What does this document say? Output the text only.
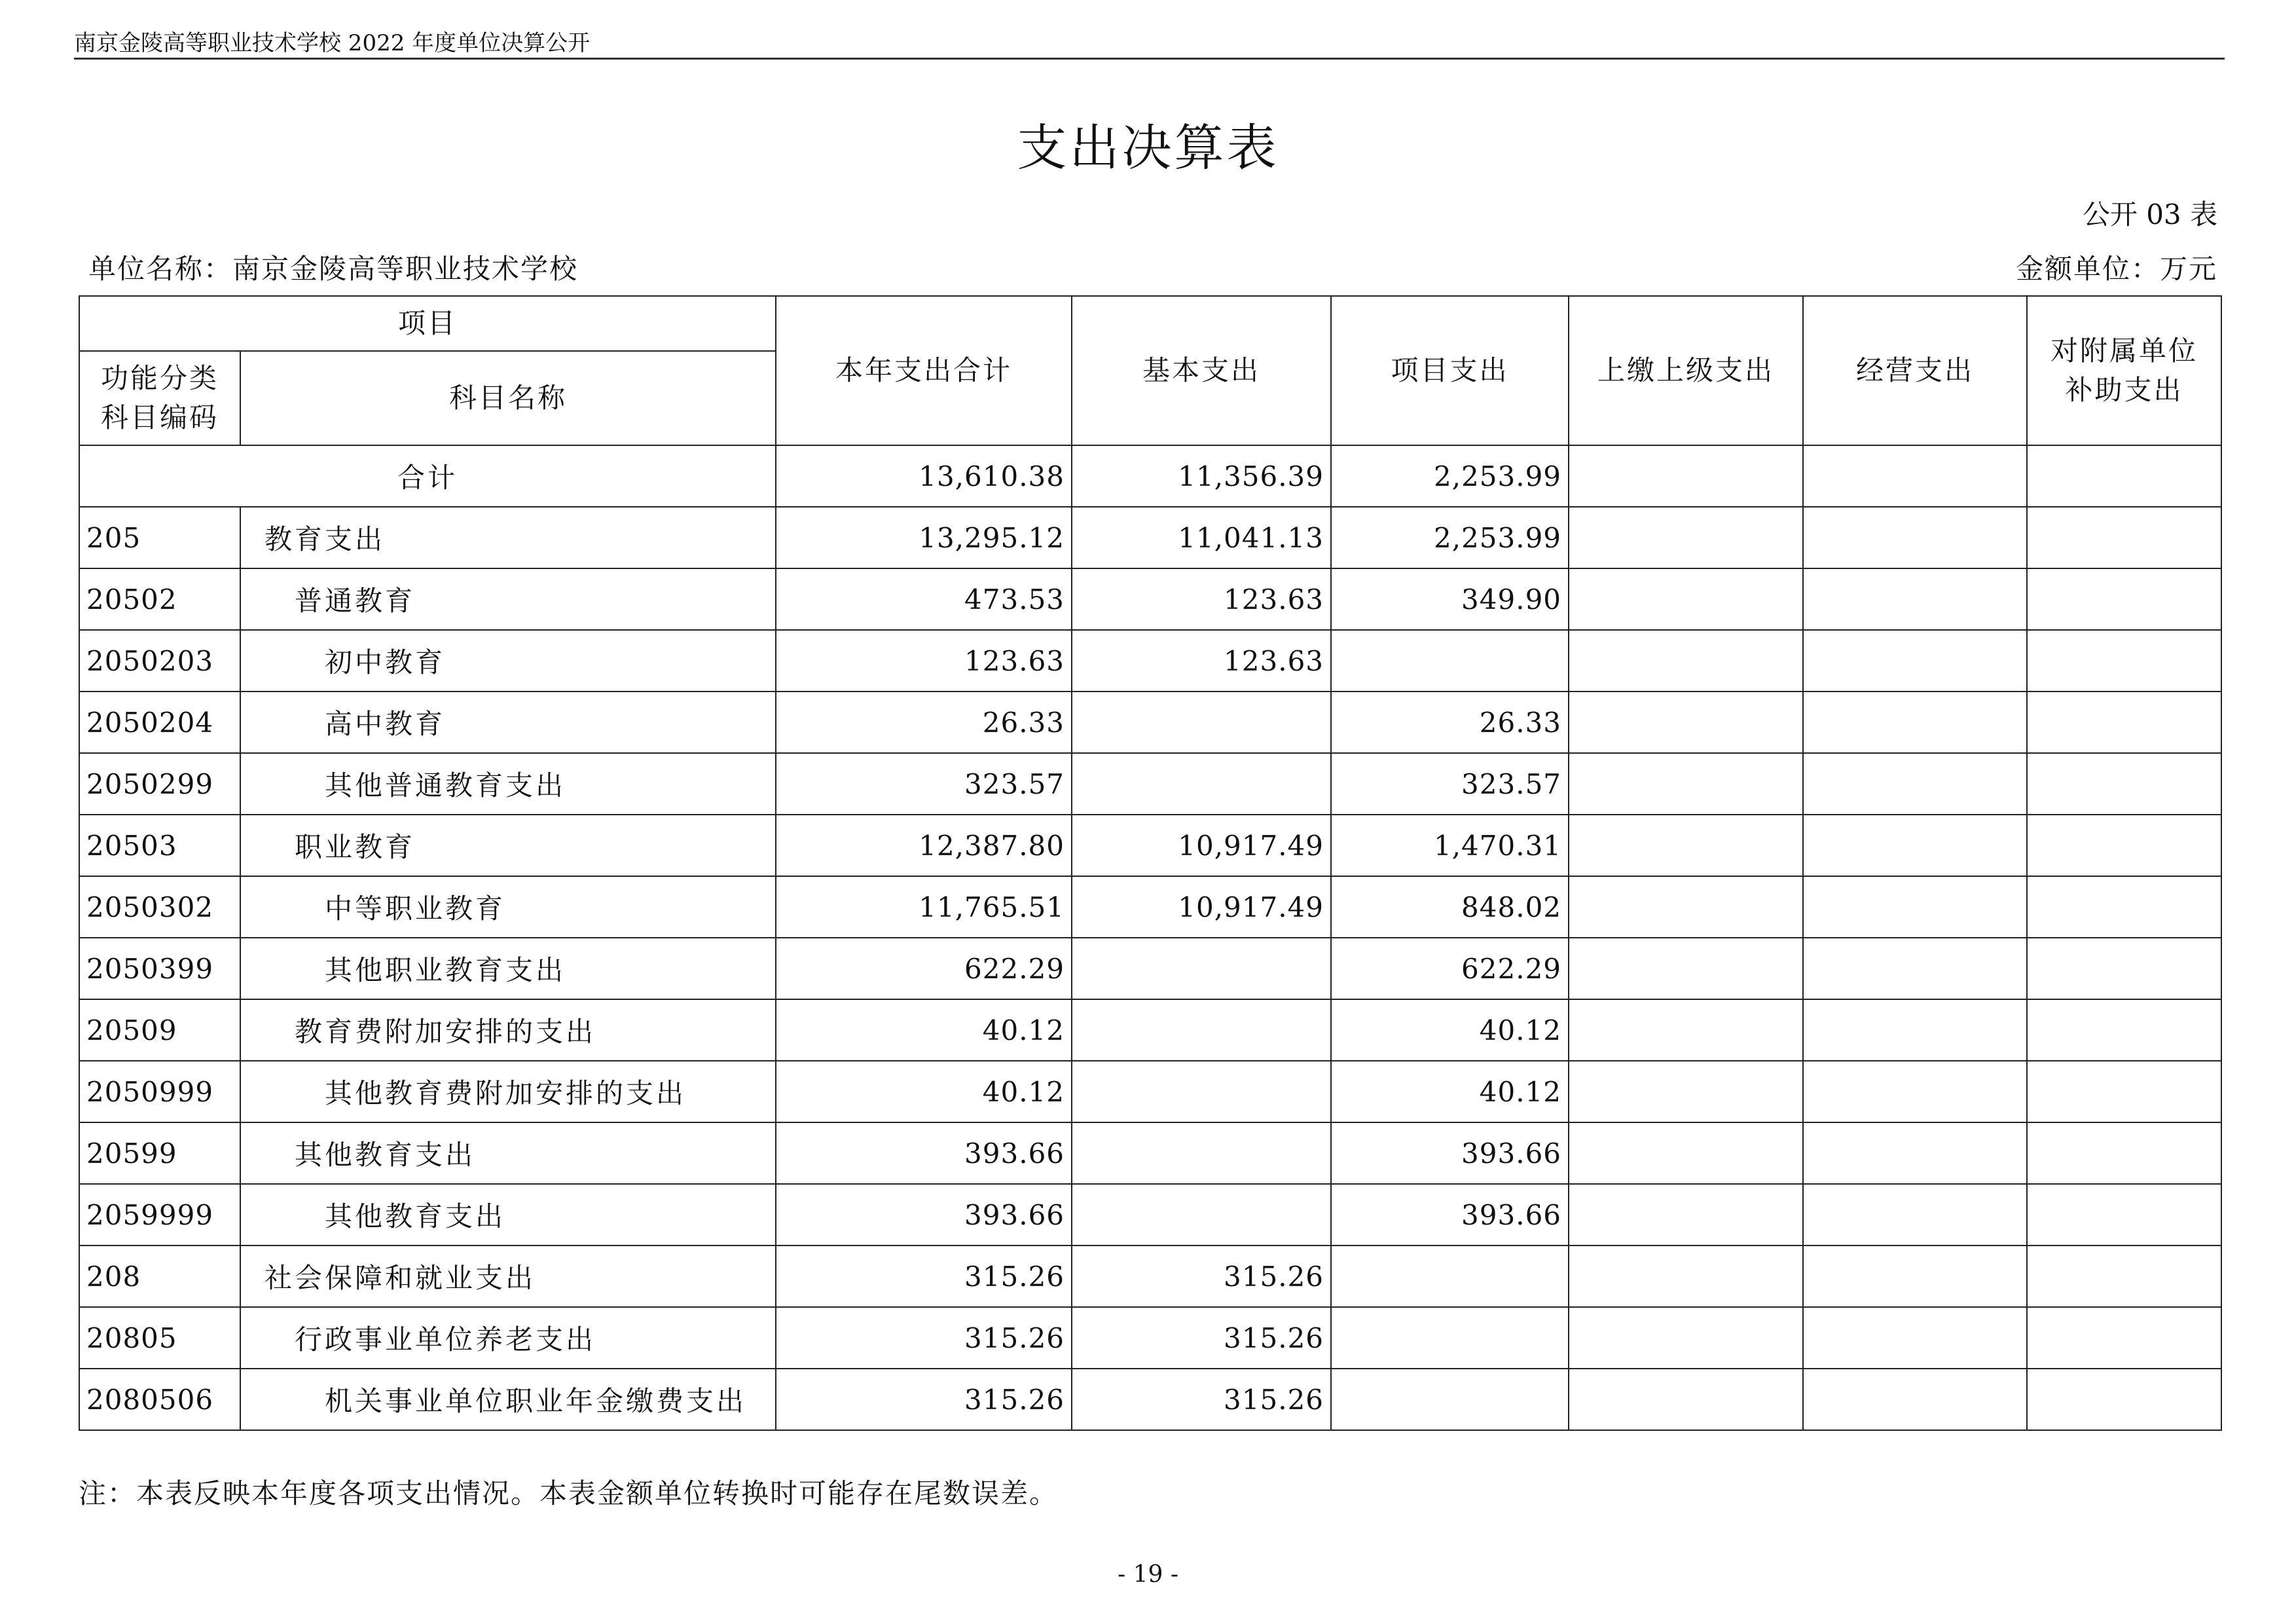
南京金陵高等职业技术学校 2022 年度单位决算公开
支出决算表
公开 03 表
单位名称：南京金陵高等职业技术学校	金额单位：万元
项目		本年支出合计	基本支出	项目支出	上缴上级支出	经营支出	对附属单位
补助支出

功能分类
科目编码	科目名称						
合计		13,610.38	11,356.39	2,253.99			
205	教育支出	13,295.12	11,041.13	2,253.99			
20502	普通教育	473.53	123.63	349.90			
2050203	初中教育	123.63	123.63				
2050204	高中教育	26.33		26.33			
2050299	其他普通教育支出	323.57		323.57			
20503	职业教育	12,387.80	10,917.49	1,470.31			
2050302	中等职业教育	11,765.51	10,917.49	848.02			
2050399	其他职业教育支出	622.29		622.29			
20509	教育费附加安排的支出	40.12		40.12			
2050999	其他教育费附加安排的支出	40.12		40.12			
20599	其他教育支出	393.66		393.66			
2059999	其他教育支出	393.66		393.66			
208	社会保障和就业支出	315.26	315.26				
20805	行政事业单位养老支出	315.26	315.26				
2080506	机关事业单位职业年金缴费支出	315.26	315.26				
注：本表反映本年度各项支出情况。本表金额单位转换时可能存在尾数误差。
- 19 -
